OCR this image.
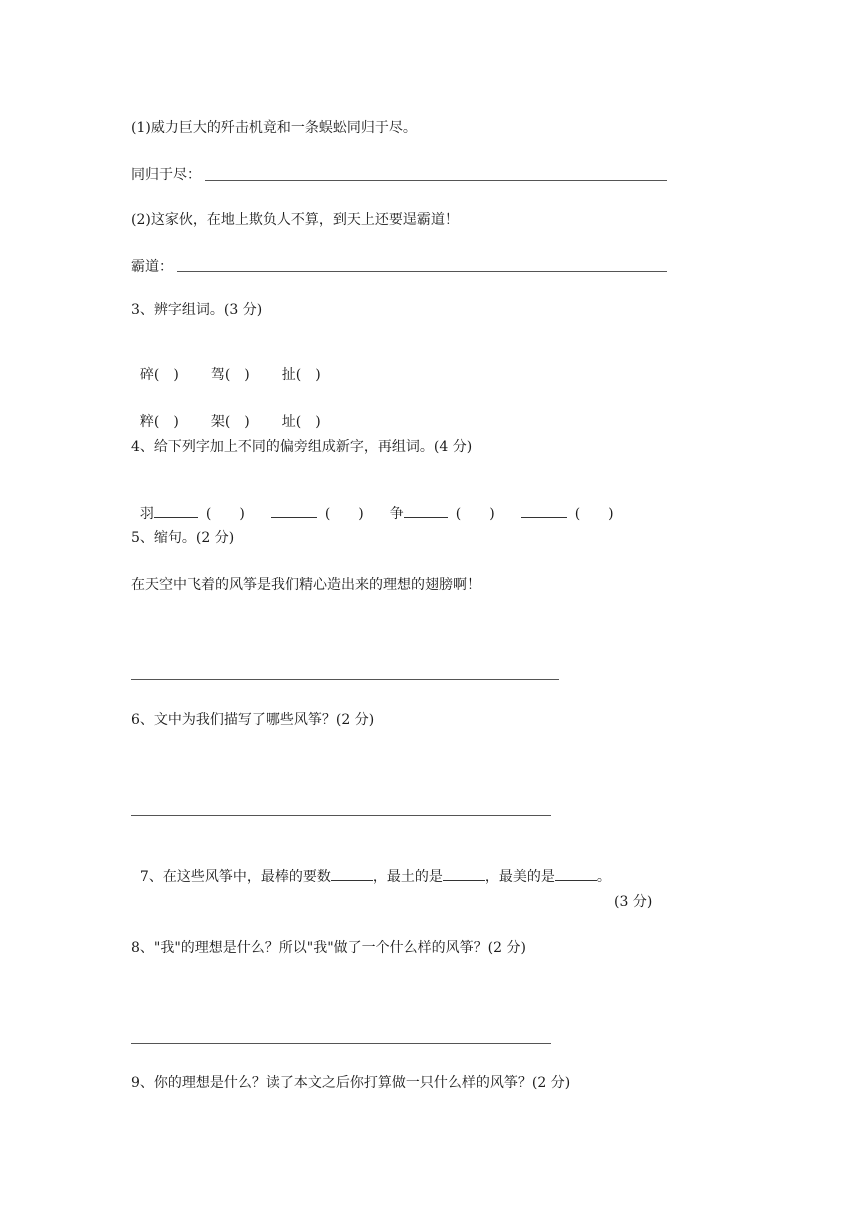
(1)威力巨大的歼击机竟和一条蜈蚣同归于尽。
同归于尽：
(2)这家伙，在地上欺负人不算，到天上还要逞霸道！
霸道：
3、辨字组词。(3 分)

碎(　) 驾(　) 扯(　)

粹(　) 架(　) 址(　)

4、给下列字加上不同的偏旁组成新字，再组词。(4 分)

羽	(　　)	(　　) 争	(　　)	(　　)

5、缩句。(2 分)
在天空中飞着的风筝是我们精心造出来的理想的翅膀啊！
6、文中为我们描写了哪些风筝？(2 分)

7、在这些风筝中，最棒的要数	，最土的是	，最美的是	。

(3 分)
8、"我"的理想是什么？所以"我"做了一个什么样的风筝？(2 分)
9、你的理想是什么？读了本文之后你打算做一只什么样的风筝？(2 分)
